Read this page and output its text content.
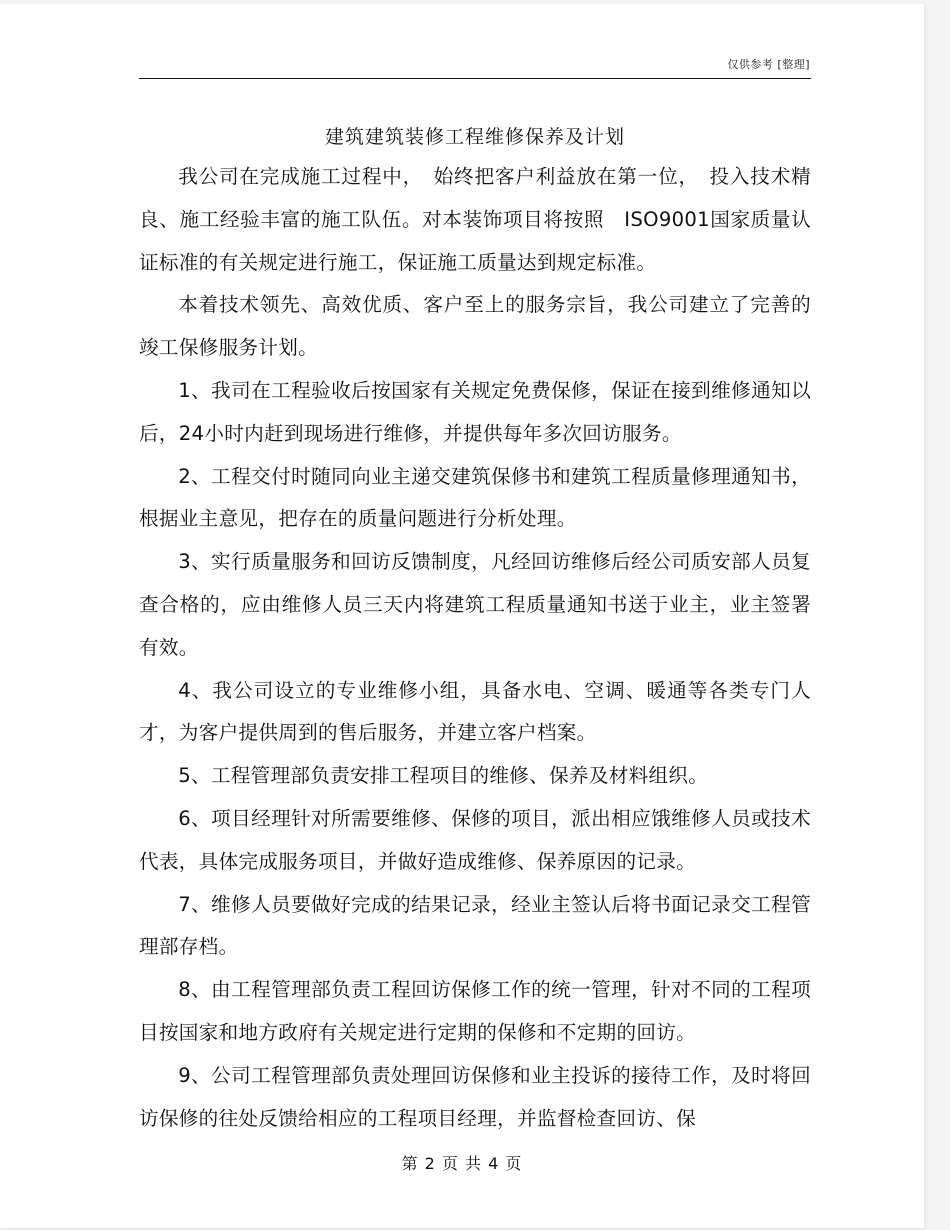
仅供参考 [整理]
建筑建筑装修工程维修保养及计划

我公司在完成施工过程中，　始终把客户利益放在第一位，　投入技术精良、施工经验丰富的施工队伍。对本装饰项目将按照　ISO9001国家质量认证标准的有关规定进行施工，保证施工质量达到规定标准。

本着技术领先、高效优质、客户至上的服务宗旨，我公司建立了完善的竣工保修服务计划。

1、我司在工程验收后按国家有关规定免费保修，保证在接到维修通知以后，24小时内赶到现场进行维修，并提供每年多次回访服务。

2、工程交付时随同向业主递交建筑保修书和建筑工程质量修理通知书，根据业主意见，把存在的质量问题进行分析处理。

3、实行质量服务和回访反馈制度，凡经回访维修后经公司质安部人员复查合格的，应由维修人员三天内将建筑工程质量通知书送于业主，业主签署有效。

4、我公司设立的专业维修小组，具备水电、空调、暖通等各类专门人才，为客户提供周到的售后服务，并建立客户档案。

5、工程管理部负责安排工程项目的维修、保养及材料组织。

6、项目经理针对所需要维修、保修的项目，派出相应饿维修人员或技术代表，具体完成服务项目，并做好造成维修、保养原因的记录。

7、维修人员要做好完成的结果记录，经业主签认后将书面记录交工程管理部存档。

8、由工程管理部负责工程回访保修工作的统一管理，针对不同的工程项目按国家和地方政府有关规定进行定期的保修和不定期的回访。

9、公司工程管理部负责处理回访保修和业主投诉的接待工作，及时将回访保修的往处反馈给相应的工程项目经理，并监督检查回访、保

第 2 页 共 4 页
